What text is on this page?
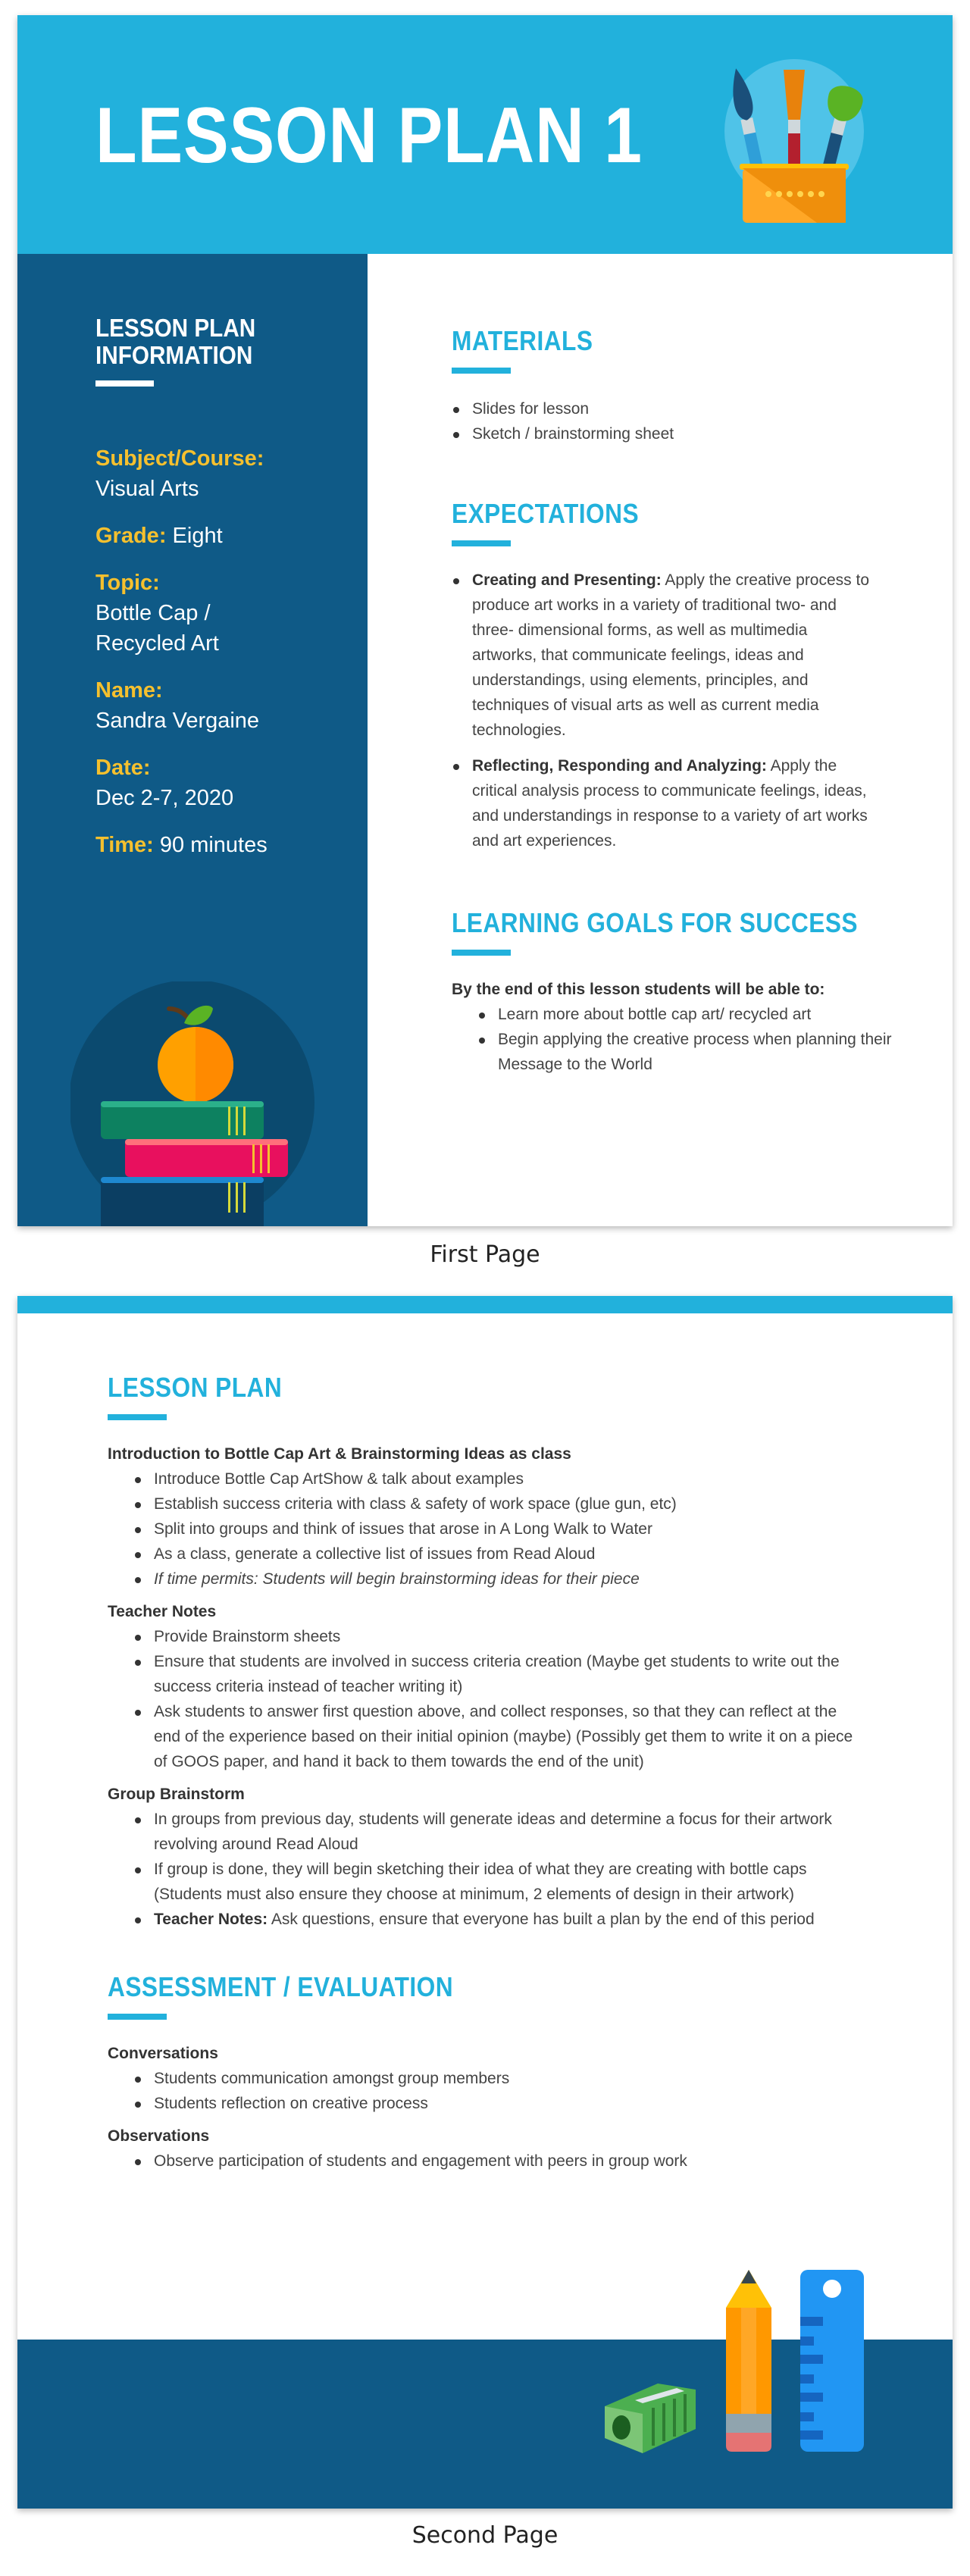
LESSON PLAN 1
LESSON PLAN
INFORMATION
Subject/Course:
Visual Arts
Grade: Eight
Topic:
Bottle Cap / Recycled Art
Name:
Sandra Vergaine
Date:
Dec 2-7, 2020
Time: 90 minutes
MATERIALS
Slides for lesson
Sketch / brainstorming sheet
EXPECTATIONS
Creating and Presenting: Apply the creative process to produce art works in a variety of traditional two- and three- dimensional forms, as well as multimedia artworks, that communicate feelings, ideas and understandings, using elements, principles, and techniques of visual arts as well as current media technologies.
Reflecting, Responding and Analyzing: Apply the critical analysis process to communicate feelings, ideas, and understandings in response to a variety of art works and art experiences.
LEARNING GOALS FOR SUCCESS
By the end of this lesson students will be able to:
Learn more about bottle cap art/ recycled art
Begin applying the creative process when planning their Message to the World
First Page
LESSON PLAN
Introduction to Bottle Cap Art & Brainstorming Ideas as class
Introduce Bottle Cap ArtShow & talk about examples
Establish success criteria with class & safety of work space (glue gun, etc)
Split into groups and think of issues that arose in A Long Walk to Water
As a class, generate a collective list of issues from Read Aloud
If time permits: Students will begin brainstorming ideas for their piece
Teacher Notes
Provide Brainstorm sheets
Ensure that students are involved in success criteria creation (Maybe get students to write out the success criteria instead of teacher writing it)
Ask students to answer first question above, and collect responses, so that they can reflect at the end of the experience based on their initial opinion (maybe) (Possibly get them to write it on a piece of GOOS paper, and hand it back to them towards the end of the unit)
Group Brainstorm
In groups from previous day, students will generate ideas and determine a focus for their artwork revolving around Read Aloud
If group is done, they will begin sketching their idea of what they are creating with bottle caps (Students must also ensure they choose at minimum, 2 elements of design in their artwork)
Teacher Notes: Ask questions, ensure that everyone has built a plan by the end of this period
ASSESSMENT / EVALUATION
Conversations
Students communication amongst group members
Students reflection on creative process
Observations
Observe participation of students and engagement with peers in group work
Second Page
